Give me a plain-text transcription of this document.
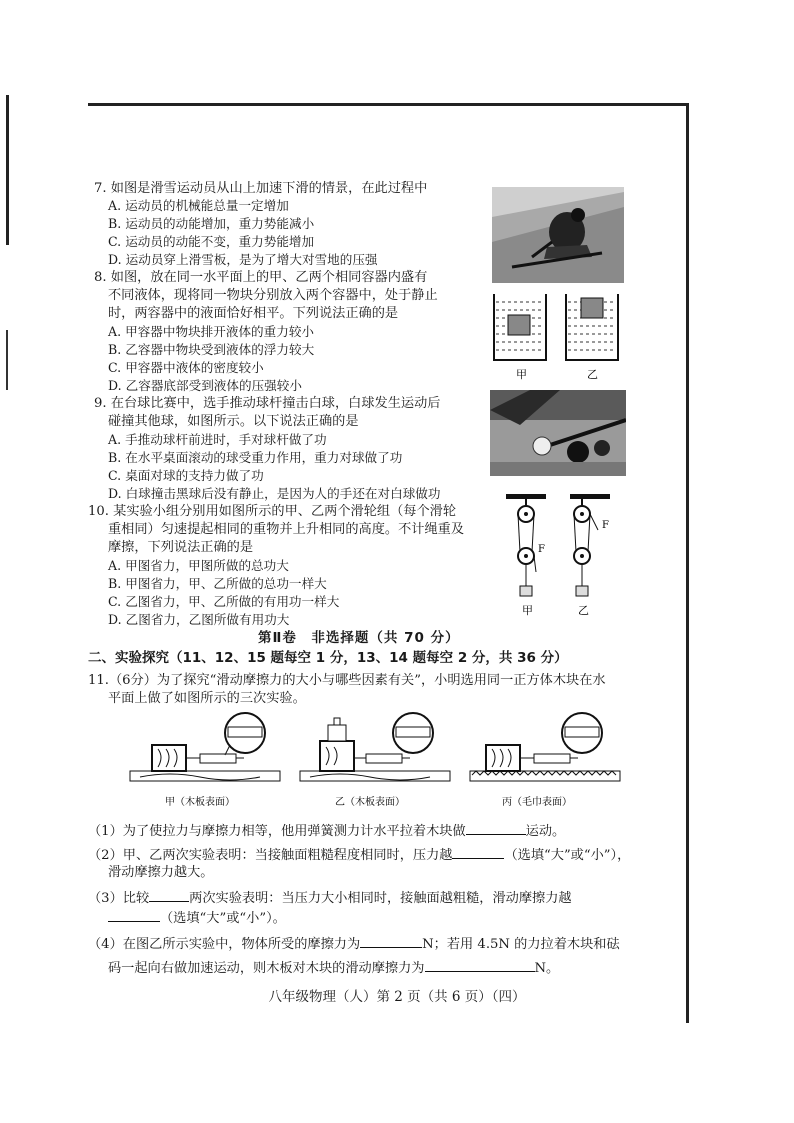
7. 如图是滑雪运动员从山上加速下滑的情景，在此过程中
A. 运动员的机械能总量一定增加
B. 运动员的动能增加，重力势能减小
C. 运动员的动能不变，重力势能增加
D. 运动员穿上滑雪板，是为了增大对雪地的压强
8. 如图，放在同一水平面上的甲、乙两个相同容器内盛有
不同液体，现将同一物块分别放入两个容器中，处于静止
时，两容器中的液面恰好相平。下列说法正确的是
A. 甲容器中物块排开液体的重力较小
B. 乙容器中物块受到液体的浮力较大
C. 甲容器中液体的密度较小
D. 乙容器底部受到液体的压强较小
甲	乙
9. 在台球比赛中，选手推动球杆撞击白球，白球发生运动后
碰撞其他球，如图所示。以下说法正确的是
A. 手推动球杆前进时，手对球杆做了功
B. 在水平桌面滚动的球受重力作用，重力对球做了功
C. 桌面对球的支持力做了功
D. 白球撞击黑球后没有静止，是因为人的手还在对白球做功
10. 某实验小组分别用如图所示的甲、乙两个滑轮组（每个滑轮
重相同）匀速提起相同的重物并上升相同的高度。不计绳重及
摩擦，下列说法正确的是
A. 甲图省力，甲图所做的总功大
B. 甲图省力，甲、乙所做的总功一样大
C. 乙图省力，甲、乙所做的有用功一样大
D. 乙图省力，乙图所做有用功大
F
F
甲	乙
第Ⅱ卷　非选择题（共 70 分）
二、实验探究（11、12、15 题每空 1 分，13、14 题每空 2 分，共 36 分）
11.（6分）为了探究“滑动摩擦力的大小与哪些因素有关”，小明选用同一正方体木块在水
平面上做了如图所示的三次实验。
甲（木板表面）	乙（木板表面）	丙（毛巾表面）
（1）为了使拉力与摩擦力相等，他用弹簧测力计水平拉着木块做	运动。
（2）甲、乙两次实验表明：当接触面粗糙程度相同时，压力越	（选填“大”或“小”），
滑动摩擦力越大。
（3）比较	两次实验表明：当压力大小相同时，接触面越粗糙，滑动摩擦力越
（选填“大”或“小”）。
（4）在图乙所示实验中，物体所受的摩擦力为	N；若用 4.5N 的力拉着木块和砝
码一起向右做加速运动，则木板对木块的滑动摩擦力为	N。
八年级物理（人）第 2 页（共 6 页）（四）
